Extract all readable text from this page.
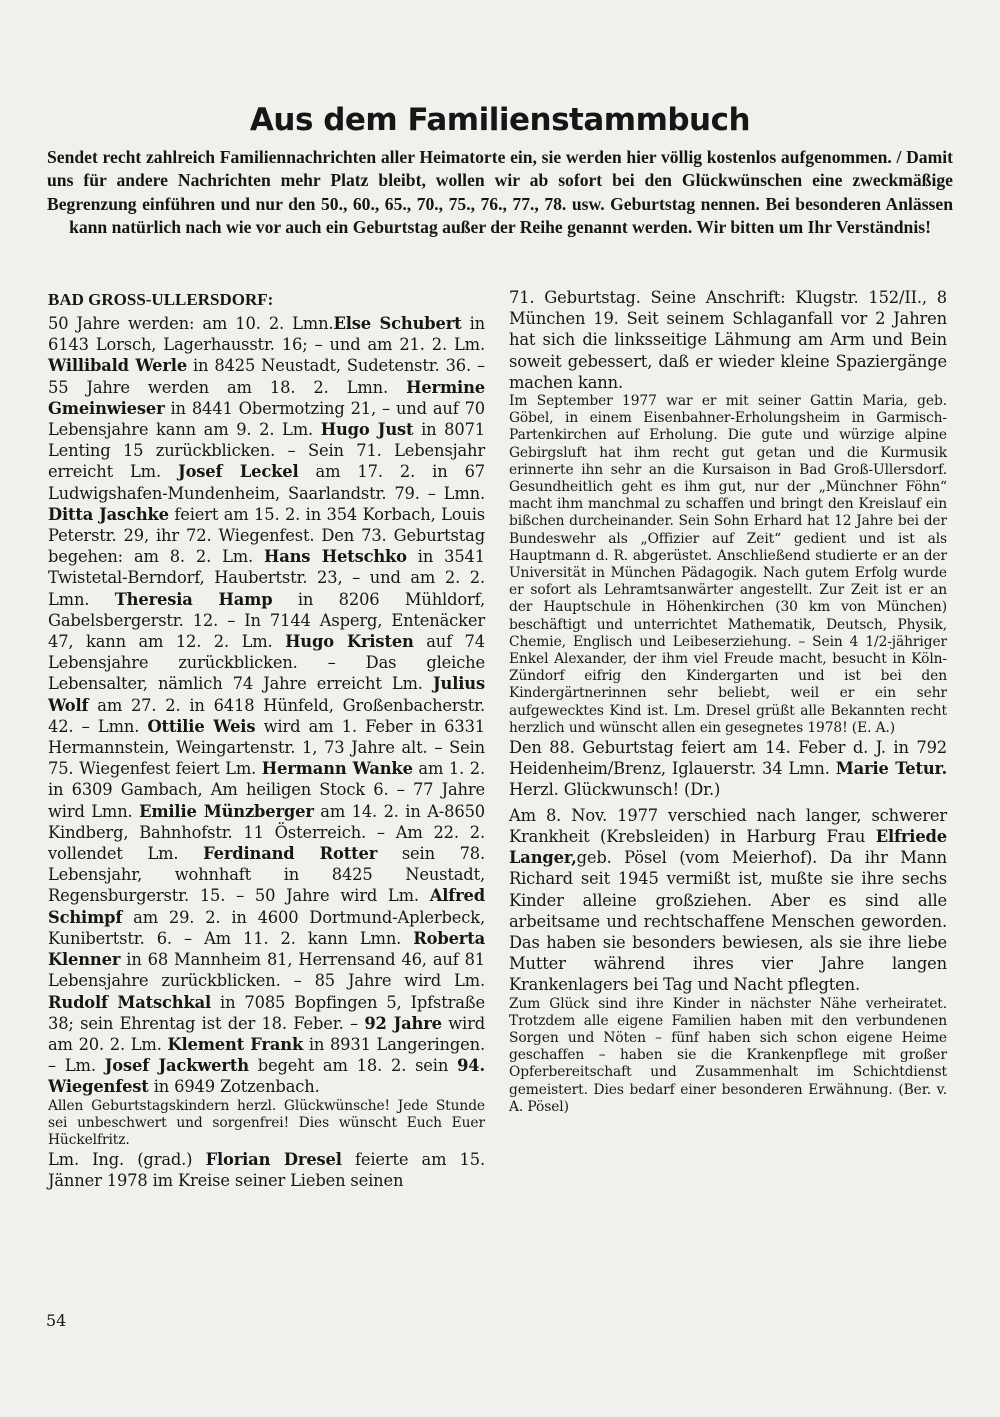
Aus dem Familienstammbuch

Sendet recht zahlreich Familiennachrichten aller Heimatorte ein, sie werden hier völlig kostenlos aufgenommen. / Damit uns für andere Nachrichten mehr Platz bleibt, wollen wir ab sofort bei den Glückwünschen eine zweckmäßige Begrenzung einführen und nur den 50., 60., 65., 70., 75., 76., 77., 78. usw. Geburtstag nennen. Bei besonderen Anlässen kann natürlich nach wie vor auch ein Geburtstag außer der Reihe genannt werden. Wir bitten um Ihr Verständnis!

BAD GROSS-ULLERSDORF:

50 Jahre werden: am 10. 2. Lmn.Else Schubert in 6143 Lorsch, Lagerhausstr. 16; – und am 21. 2. Lm. Willibald Werle in 8425 Neustadt, Sudetenstr. 36. – 55 Jahre werden am 18. 2. Lmn. Hermine Gmeinwieser in 8441 Obermotzing 21, – und auf 70 Lebensjahre kann am 9. 2. Lm. Hugo Just in 8071 Lenting 15 zurückblicken. – Sein 71. Lebensjahr erreicht Lm. Josef Leckel am 17. 2. in 67 Ludwigshafen-Mundenheim, Saarlandstr. 79. – Lmn. Ditta Jaschke feiert am 15. 2. in 354 Korbach, Louis Peterstr. 29, ihr 72. Wiegenfest. Den 73. Geburtstag begehen: am 8. 2. Lm. Hans Hetschko in 3541 Twistetal-Berndorf, Haubertstr. 23, – und am 2. 2. Lmn. Theresia Hamp in 8206 Mühldorf, Gabelsbergerstr. 12. – In 7144 Asperg, Entenäcker 47, kann am 12. 2. Lm. Hugo Kristen auf 74 Lebensjahre zurückblicken. – Das gleiche Lebensalter, nämlich 74 Jahre erreicht Lm. Julius Wolf am 27. 2. in 6418 Hünfeld, Großenbacherstr. 42. – Lmn. Ottilie Weis wird am 1. Feber in 6331 Hermannstein, Weingartenstr. 1, 73 Jahre alt. – Sein 75. Wiegenfest feiert Lm. Hermann Wanke am 1. 2. in 6309 Gambach, Am heiligen Stock 6. – 77 Jahre wird Lmn. Emilie Münzberger am 14. 2. in A-8650 Kindberg, Bahnhofstr. 11 Österreich. – Am 22. 2. vollendet Lm. Ferdinand Rotter sein 78. Lebensjahr, wohnhaft in 8425 Neustadt, Regensburgerstr. 15. – 50 Jahre wird Lm. Alfred Schimpf am 29. 2. in 4600 Dortmund-Aplerbeck, Kunibertstr. 6. – Am 11. 2. kann Lmn. Roberta Klenner in 68 Mannheim 81, Herrensand 46, auf 81 Lebensjahre zurückblicken. – 85 Jahre wird Lm. Rudolf Matschkal in 7085 Bopfingen 5, Ipfstraße 38; sein Ehrentag ist der 18. Feber. – 92 Jahre wird am 20. 2. Lm. Klement Frank in 8931 Langeringen. – Lm. Josef Jackwerth begeht am 18. 2. sein 94. Wiegenfest in 6949 Zotzenbach.

Allen Geburtstagskindern herzl. Glückwünsche! Jede Stunde sei unbeschwert und sorgenfrei! Dies wünscht Euch Euer Hückelfritz.

Lm. Ing. (grad.) Florian Dresel feierte am 15. Jänner 1978 im Kreise seiner Lieben seinen

71. Geburtstag. Seine Anschrift: Klugstr. 152/II., 8 München 19. Seit seinem Schlaganfall vor 2 Jahren hat sich die linksseitige Lähmung am Arm und Bein soweit gebessert, daß er wieder kleine Spaziergänge machen kann.

Im September 1977 war er mit seiner Gattin Maria, geb. Göbel, in einem Eisenbahner-Erholungsheim in Garmisch-Partenkirchen auf Erholung. Die gute und würzige alpine Gebirgsluft hat ihm recht gut getan und die Kurmusik erinnerte ihn sehr an die Kursaison in Bad Groß-Ullersdorf. Gesundheitlich geht es ihm gut, nur der „Münchner Föhn“ macht ihm manchmal zu schaffen und bringt den Kreislauf ein bißchen durcheinander. Sein Sohn Erhard hat 12 Jahre bei der Bundeswehr als „Offizier auf Zeit“ gedient und ist als Hauptmann d. R. abgerüstet. Anschließend studierte er an der Universität in München Pädagogik. Nach gutem Erfolg wurde er sofort als Lehramtsanwärter angestellt. Zur Zeit ist er an der Hauptschule in Höhenkirchen (30 km von München) beschäftigt und unterrichtet Mathematik, Deutsch, Physik, Chemie, Englisch und Leibeserziehung. – Sein 4 1/2-jähriger Enkel Alexander, der ihm viel Freude macht, besucht in Köln-Zündorf eifrig den Kindergarten und ist bei den Kindergärtnerinnen sehr beliebt, weil er ein sehr aufgewecktes Kind ist. Lm. Dresel grüßt alle Bekannten recht herzlich und wünscht allen ein gesegnetes 1978! (E. A.)

Den 88. Geburtstag feiert am 14. Feber d. J. in 792 Heidenheim/Brenz, Iglauerstr. 34 Lmn. Marie Tetur. Herzl. Glückwunsch! (Dr.)

Am 8. Nov. 1977 verschied nach langer, schwerer Krankheit (Krebsleiden) in Harburg Frau Elfriede Langer,geb. Pösel (vom Meierhof). Da ihr Mann Richard seit 1945 vermißt ist, mußte sie ihre sechs Kinder alleine großziehen. Aber es sind alle arbeitsame und rechtschaffene Menschen geworden. Das haben sie besonders bewiesen, als sie ihre liebe Mutter während ihres vier Jahre langen Krankenlagers bei Tag und Nacht pflegten.

Zum Glück sind ihre Kinder in nächster Nähe verheiratet. Trotzdem alle eigene Familien haben mit den verbundenen Sorgen und Nöten – fünf haben sich schon eigene Heime geschaffen – haben sie die Krankenpflege mit großer Opferbereitschaft und Zusammenhalt im Schichtdienst gemeistert. Dies bedarf einer besonderen Erwähnung. (Ber. v. A. Pösel)

54
